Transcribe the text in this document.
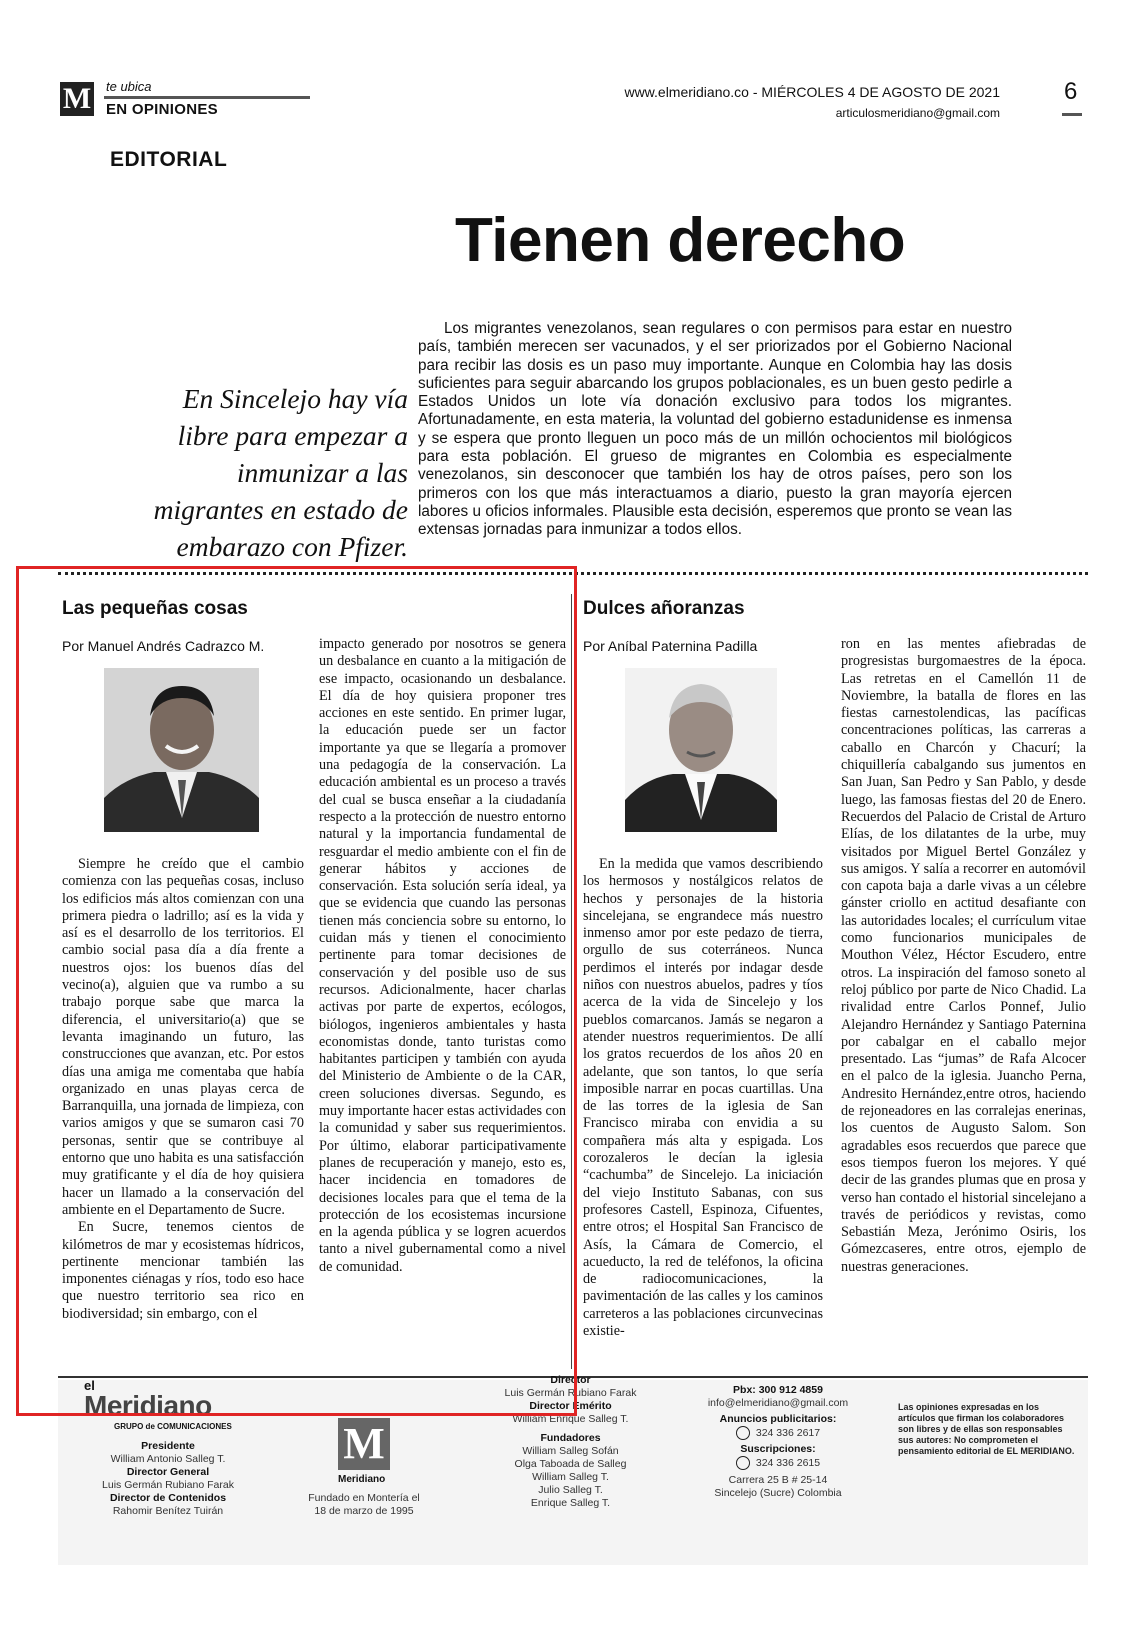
M te ubica
EN OPINIONES
www.elmeridiano.co - MIÉRCOLES 4 DE AGOSTO DE 2021
articulosmeridiano@gmail.com
6
EDITORIAL
Tienen derecho
En Sincelejo hay vía libre para empezar a inmunizar a las migrantes en estado de embarazo con Pfizer.

Los migrantes venezolanos, sean regulares o con permisos para estar en nuestro país, también merecen ser vacunados, y el ser priorizados por el Gobierno Nacional para recibir las dosis es un paso muy importante. Aunque en Colombia hay las dosis suficientes para seguir abarcando los grupos poblacionales, es un buen gesto pedirle a Estados Unidos un lote vía donación exclusivo para todos los migrantes. Afortunadamente, en esta materia, la voluntad del gobierno estadunidense es inmensa y se espera que pronto lleguen un poco más de un millón ochocientos mil biológicos para esta población. El grueso de migrantes en Colombia es especialmente venezolanos, sin desconocer que también los hay de otros países, pero son los primeros con los que más interactuamos a diario, puesto la gran mayoría ejercen labores u oficios informales. Plausible esta decisión, esperemos que pronto se vean las extensas jornadas para inmunizar a todos ellos.

Las pequeñas cosas
Por Manuel Andrés Cadrazco M.

Siempre he creído que el cambio comienza con las pequeñas cosas, incluso los edificios más altos comienzan con una primera piedra o ladrillo; así es la vida y así es el desarrollo de los territorios. El cambio social pasa día a día frente a nuestros ojos: los buenos días del vecino(a), alguien que va rumbo a su trabajo porque sabe que marca la diferencia, el universitario(a) que se levanta imaginando un futuro, las construcciones que avanzan, etc. Por estos días una amiga me comentaba que había organizado en unas playas cerca de Barranquilla, una jornada de limpieza, con varios amigos y que se sumaron casi 70 personas, sentir que se contribuye al entorno que uno habita es una satisfacción muy gratificante y el día de hoy quisiera hacer un llamado a la conservación del ambiente en el Departamento de Sucre.

En Sucre, tenemos cientos de kilómetros de mar y ecosistemas hídricos, pertinente mencionar también las imponentes ciénagas y ríos, todo eso hace que nuestro territorio sea rico en biodiversidad; sin embargo, con el

impacto generado por nosotros se genera un desbalance en cuanto a la mitigación de ese impacto, ocasionando un desbalance. El día de hoy quisiera proponer tres acciones en este sentido. En primer lugar, la educación puede ser un factor importante ya que se llegaría a promover una pedagogía de la conservación. La educación ambiental es un proceso a través del cual se busca enseñar a la ciudadanía respecto a la protección de nuestro entorno natural y la importancia fundamental de resguardar el medio ambiente con el fin de generar hábitos y acciones de conservación. Esta solución sería ideal, ya que se evidencia que cuando las personas tienen más conciencia sobre su entorno, lo cuidan más y tienen el conocimiento pertinente para tomar decisiones de conservación y del posible uso de sus recursos. Adicionalmente, hacer charlas activas por parte de expertos, ecólogos, biólogos, ingenieros ambientales y hasta economistas donde, tanto turistas como habitantes participen y también con ayuda del Ministerio de Ambiente o de la CAR, creen soluciones diversas. Segundo, es muy importante hacer estas actividades con la comunidad y saber sus requerimientos. Por último, elaborar participativamente planes de recuperación y manejo, esto es, hacer incidencia en tomadores de decisiones locales para que el tema de la protección de los ecosistemas incursione en la agenda pública y se logren acuerdos tanto a nivel gubernamental como a nivel de comunidad.

Dulces añoranzas
Por Aníbal Paternina Padilla

En la medida que vamos describiendo los hermosos y nostálgicos relatos de hechos y personajes de la historia sincelejana, se engrandece más nuestro inmenso amor por este pedazo de tierra, orgullo de sus coterráneos. Nunca perdimos el interés por indagar desde niños con nuestros abuelos, padres y tíos acerca de la vida de Sincelejo y los pueblos comarcanos. Jamás se negaron a atender nuestros requerimientos. De allí los gratos recuerdos de los años 20 en adelante, que son tantos, lo que sería imposible narrar en pocas cuartillas. Una de las torres de la iglesia de San Francisco miraba con envidia a su compañera más alta y espigada. Los corozaleros le decían la iglesia “cachumba” de Sincelejo. La iniciación del viejo Instituto Sabanas, con sus profesores Castell, Espinoza, Cifuentes, entre otros; el Hospital San Francisco de Asís, la Cámara de Comercio, el acueducto, la red de teléfonos, la oficina de radiocomunicaciones, la pavimentación de las calles y los caminos carreteros a las poblaciones circunvecinas existie-

ron en las mentes afiebradas de progresistas burgomaestres de la época. Las retretas en el Camellón 11 de Noviembre, la batalla de flores en las fiestas carnestolendicas, las pacíficas concentraciones políticas, las carreras a caballo en Charcón y Chacurí; la chiquillería cabalgando sus jumentos en San Juan, San Pedro y San Pablo, y desde luego, las famosas fiestas del 20 de Enero. Recuerdos del Palacio de Cristal de Arturo Elías, de los dilatantes de la urbe, muy visitados por Miguel Bertel González y sus amigos. Y salía a recorrer en automóvil con capota baja a darle vivas a un célebre gánster criollo en actitud desafiante con las autoridades locales; el currículum vitae como funcionarios municipales de Mouthon Vélez, Héctor Escudero, entre otros. La inspiración del famoso soneto al reloj público por parte de Nico Chadid. La rivalidad entre Carlos Ponnef, Julio Alejandro Hernández y Santiago Paternina por cabalgar en el caballo mejor presentado. Las “jumas” de Rafa Alcocer en el palco de la iglesia. Juancho Perna, Andresito Hernández,entre otros, haciendo de rejoneadores en las corralejas enerinas, los cuentos de Augusto Salom. Son agradables esos recuerdos que parece que esos tiempos fueron los mejores. Y qué decir de las grandes plumas que en prosa y verso han contado el historial sincelejano a través de periódicos y revistas, como Sebastián Meza, Jerónimo Osiris, los Gómezcaseres, entre otros, ejemplo de nuestras generaciones.

el
Meridiano
GRUPO de COMUNICACIONES
Presidente
William Antonio Salleg T.
Director General
Luis Germán Rubiano Farak
Director de Contenidos
Rahomir Benítez Tuirán
M
Meridiano
Fundado en Montería el 18 de marzo de 1995
Director
Luis Germán Rubiano Farak
Director Emérito
William Enrique Salleg T.
Fundadores
William Salleg Sofán
Olga Taboada de Salleg
William Salleg T.
Julio Salleg T.
Enrique Salleg T.
Pbx: 300 912 4859
info@elmeridiano@gmail.com
Anuncios publicitarios:
324 336 2617
Suscripciones:
324 336 2615
Carrera 25 B # 25-14
Sincelejo (Sucre) Colombia
Las opiniones expresadas en los artículos que firman los colaboradores son libres y de ellas son responsables sus autores: No comprometen el pensamiento editorial de EL MERIDIANO.
